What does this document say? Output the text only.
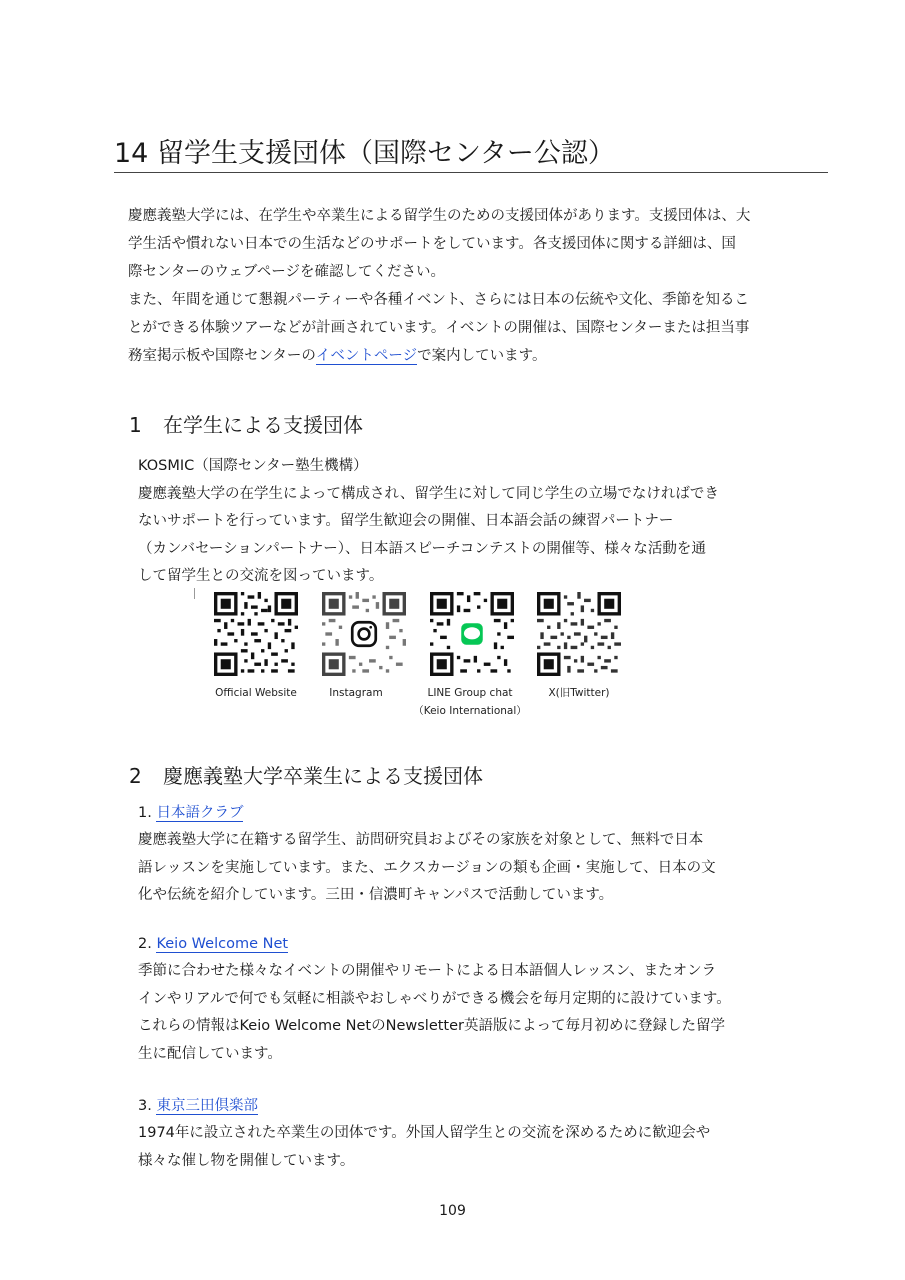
14 留学生支援団体（国際センター公認）

慶應義塾大学には、在学生や卒業生による留学生のための支援団体があります。支援団体は、大

学生活や慣れない日本での生活などのサポートをしています。各支援団体に関する詳細は、国

際センターのウェブページを確認してください。

また、年間を通じて懇親パーティーや各種イベント、さらには日本の伝統や文化、季節を知るこ

とができる体験ツアーなどが計画されています。イベントの開催は、国際センターまたは担当事

務室掲示板や国際センターのイベントページで案内しています。

1 在学生による支援団体

KOSMIC（国際センター塾生機構）

慶應義塾大学の在学生によって構成され、留学生に対して同じ学生の立場でなければでき

ないサポートを行っています。留学生歓迎会の開催、日本語会話の練習パートナー

（カンバセーションパートナー）、日本語スピーチコンテストの開催等、様々な活動を通

して留学生との交流を図っています。

Official Website	Instagram	LINE Group chat
（Keio International）
X(旧Twitter)
2 慶應義塾大学卒業生による支援団体
1. 日本語クラブ

慶應義塾大学に在籍する留学生、訪問研究員およびその家族を対象として、無料で日本

語レッスンを実施しています。また、エクスカージョンの類も企画・実施して、日本の文

化や伝統を紹介しています。三田・信濃町キャンパスで活動しています。

2. Keio Welcome Net

季節に合わせた様々なイベントの開催やリモートによる日本語個人レッスン、またオンラ

インやリアルで何でも気軽に相談やおしゃべりができる機会を毎月定期的に設けています。

これらの情報はKeio Welcome NetのNewsletter英語版によって毎月初めに登録した留学

生に配信しています。

3. 東京三田倶楽部

1974年に設立された卒業生の団体です。外国人留学生との交流を深めるために歓迎会や

様々な催し物を開催しています。

109
